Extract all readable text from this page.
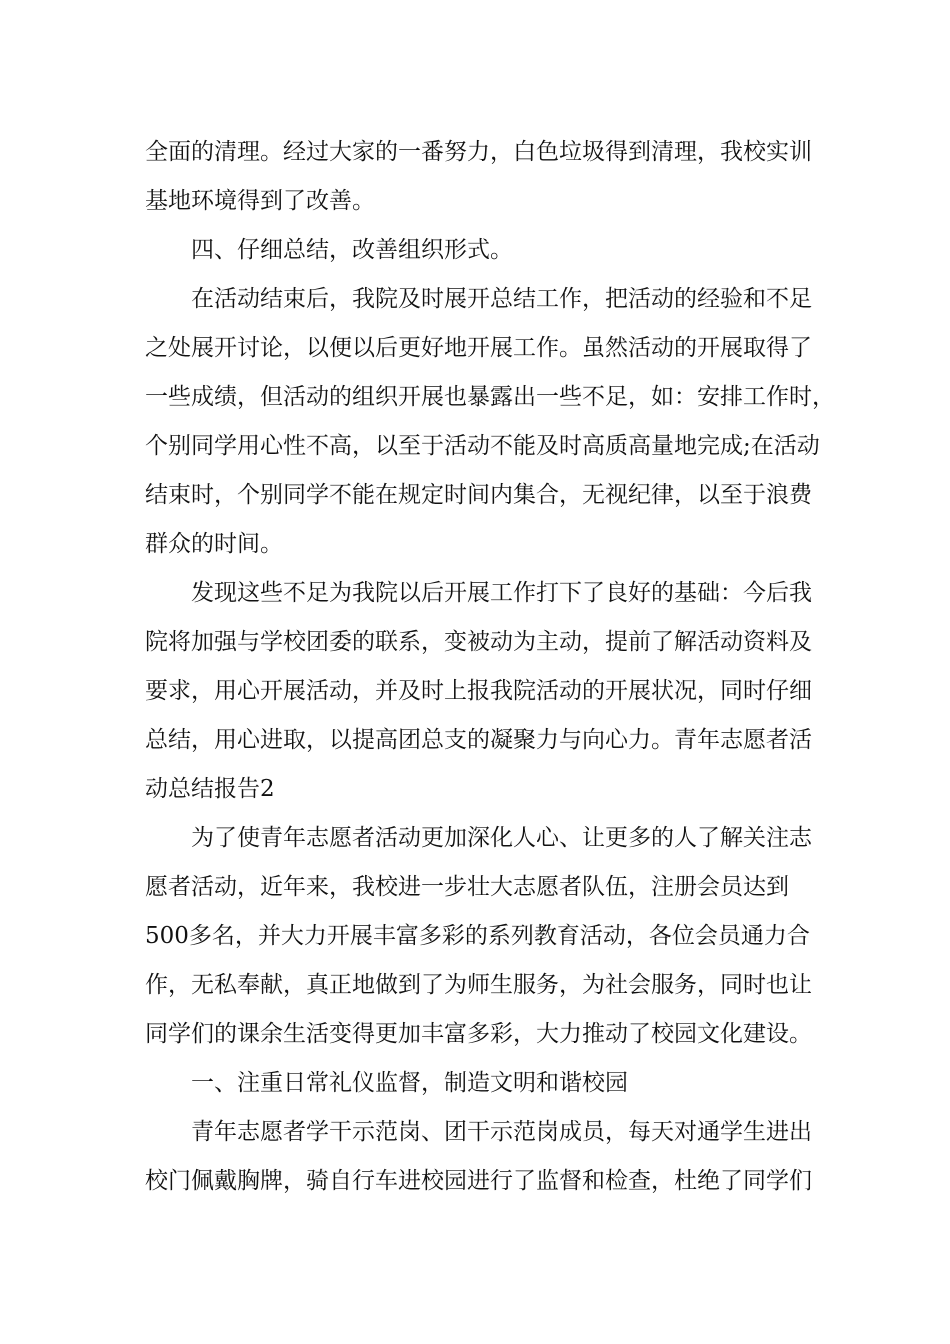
全面的清理。经过大家的一番努力，白色垃圾得到清理，我校实训
基地环境得到了改善。
四、仔细总结，改善组织形式。
在活动结束后，我院及时展开总结工作，把活动的经验和不足
之处展开讨论，以便以后更好地开展工作。虽然活动的开展取得了
一些成绩，但活动的组织开展也暴露出一些不足，如：安排工作时，
个别同学用心性不高，以至于活动不能及时高质高量地完成;在活动
结束时，个别同学不能在规定时间内集合，无视纪律，以至于浪费
群众的时间。
发现这些不足为我院以后开展工作打下了良好的基础：今后我
院将加强与学校团委的联系，变被动为主动，提前了解活动资料及
要求，用心开展活动，并及时上报我院活动的开展状况，同时仔细
总结，用心进取，以提高团总支的凝聚力与向心力。青年志愿者活
动总结报告2
为了使青年志愿者活动更加深化人心、让更多的人了解关注志
愿者活动，近年来，我校进一步壮大志愿者队伍，注册会员达到
500多名，并大力开展丰富多彩的系列教育活动，各位会员通力合
作，无私奉献，真正地做到了为师生服务，为社会服务，同时也让
同学们的课余生活变得更加丰富多彩，大力推动了校园文化建设。
一、注重日常礼仪监督，制造文明和谐校园
青年志愿者学干示范岗、团干示范岗成员，每天对通学生进出
校门佩戴胸牌，骑自行车进校园进行了监督和检查，杜绝了同学们
